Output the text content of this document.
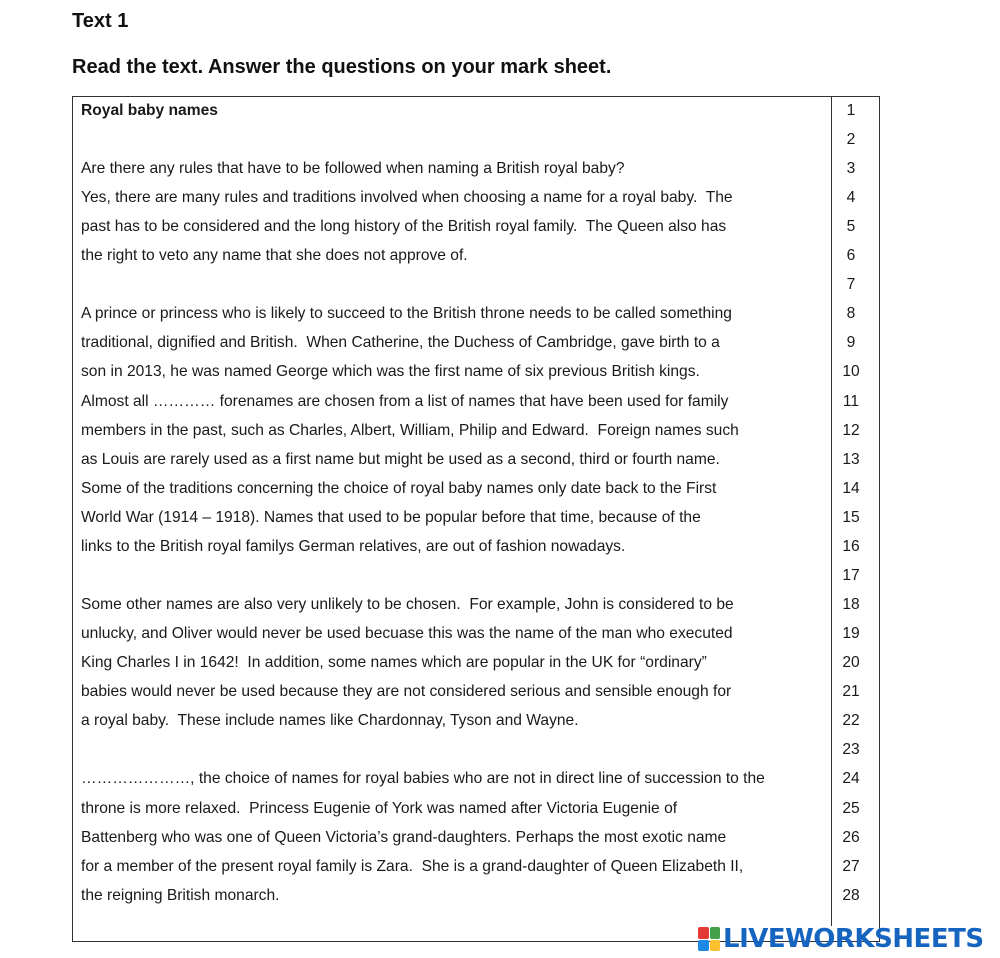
Text 1
Read the text. Answer the questions on your mark sheet.
Royal baby names
Are there any rules that have to be followed when naming a British royal baby?
Yes, there are many rules and traditions involved when choosing a name for a royal baby.  The
past has to be considered and the long history of the British royal family.  The Queen also has
the right to veto any name that she does not approve of.
A prince or princess who is likely to succeed to the British throne needs to be called something
traditional, dignified and British.  When Catherine, the Duchess of Cambridge, gave birth to a
son in 2013, he was named George which was the first name of six previous British kings.
Almost all ………… forenames are chosen from a list of names that have been used for family
members in the past, such as Charles, Albert, William, Philip and Edward.  Foreign names such
as Louis are rarely used as a first name but might be used as a second, third or fourth name.
Some of the traditions concerning the choice of royal baby names only date back to the First
World War (1914 – 1918). Names that used to be popular before that time, because of the
links to the British royal familys German relatives, are out of fashion nowadays.
Some other names are also very unlikely to be chosen.  For example, John is considered to be
unlucky, and Oliver would never be used becuase this was the name of the man who executed
King Charles I in 1642!  In addition, some names which are popular in the UK for “ordinary”
babies would never be used because they are not considered serious and sensible enough for
a royal baby.  These include names like Chardonnay, Tyson and Wayne.
…………………, the choice of names for royal babies who are not in direct line of succession to the
throne is more relaxed.  Princess Eugenie of York was named after Victoria Eugenie of
Battenberg who was one of Queen Victoria’s grand-daughters. Perhaps the most exotic name
for a member of the present royal family is Zara.  She is a grand-daughter of Queen Elizabeth II,
the reigning British monarch.
1
2
3
4
5
6
7
8
9
10
11
12
13
14
15
16
17
18
19
20
21
22
23
24
25
26
27
28
LIVEWORKSHEETS
